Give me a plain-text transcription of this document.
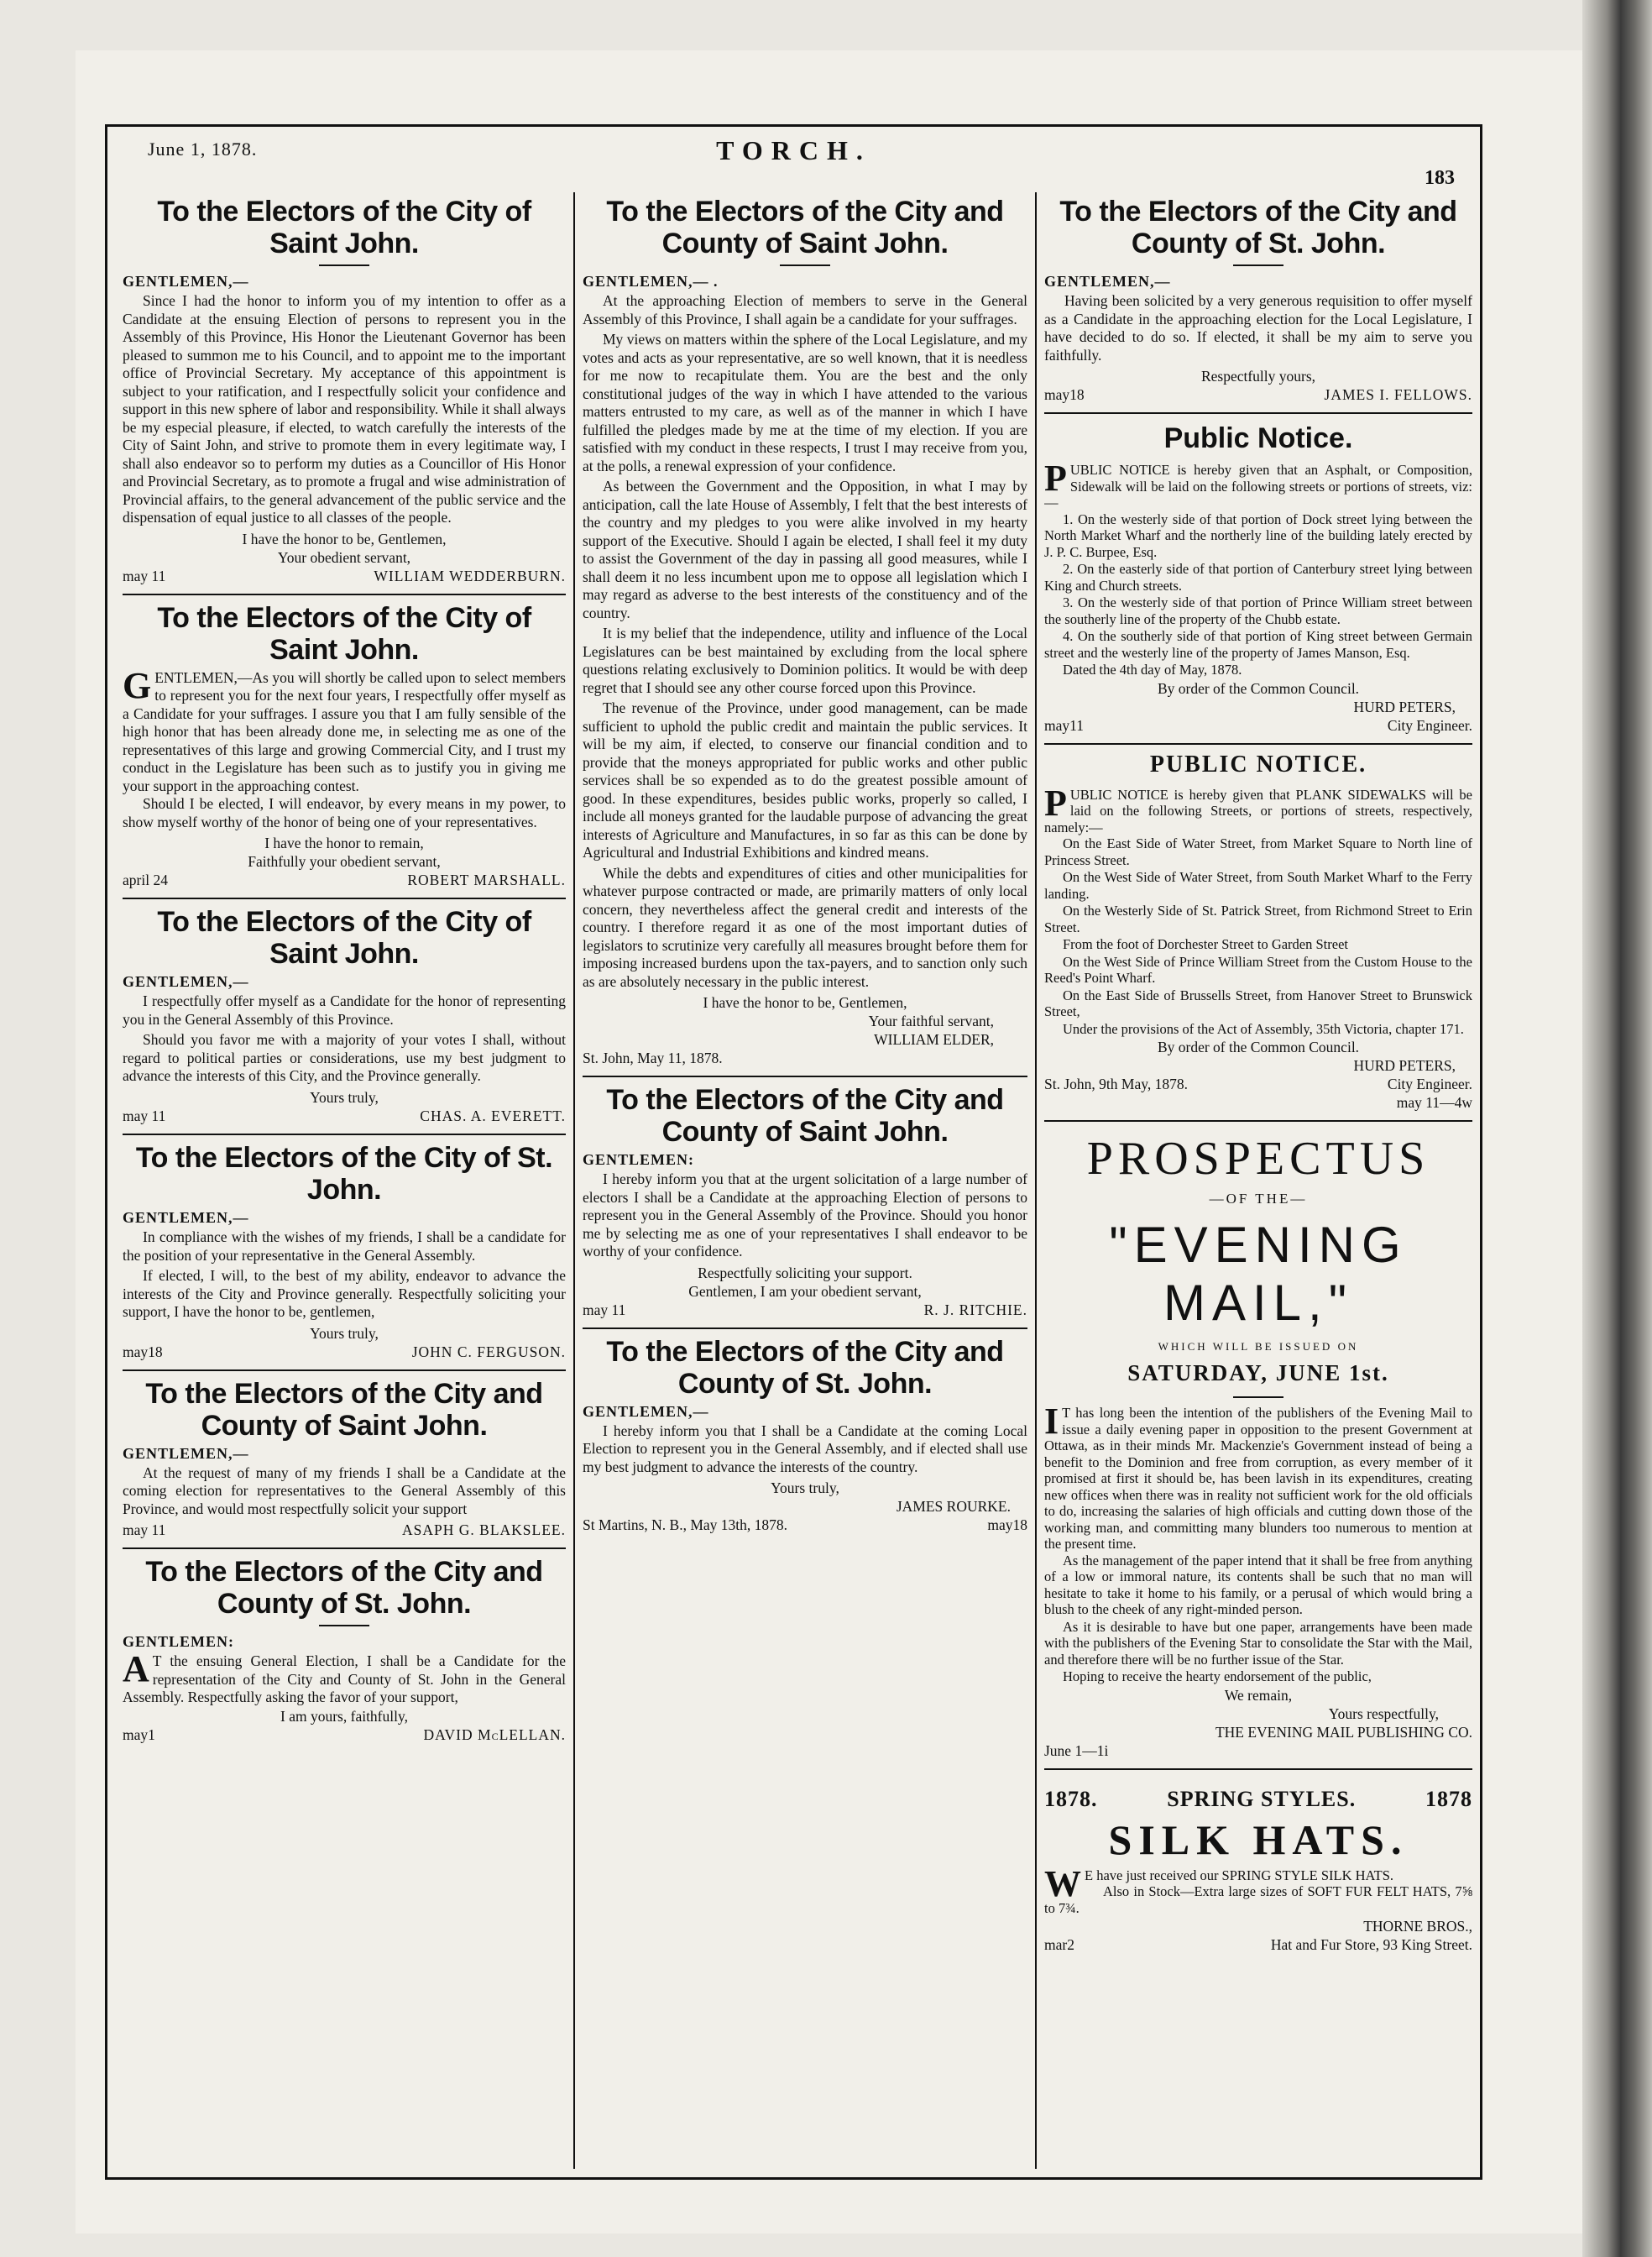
June 1, 1878.	TORCH.
183
To the Electors of the City of Saint John.
GENTLEMEN,—

Since I had the honor to inform you of my intention to offer as a Candidate at the ensuing Election of persons to represent you in the Assembly of this Province, His Honor the Lieutenant Governor has been pleased to summon me to his Council, and to appoint me to the important office of Provincial Secretary. My acceptance of this appointment is subject to your ratification, and I respectfully solicit your confidence and support in this new sphere of labor and responsibility. While it shall always be my especial pleasure, if elected, to watch carefully the interests of the City of Saint John, and strive to promote them in every legitimate way, I shall also endeavor so to perform my duties as a Councillor of His Honor and Provincial Secretary, as to promote a frugal and wise administration of Provincial affairs, to the general advancement of the public service and the dispensation of equal justice to all classes of the people.

I have the honor to be, Gentlemen,
Your obedient servant,
may 11	WILLIAM WEDDERBURN.
To the Electors of the City of Saint John.
G ENTLEMEN,—As you will shortly be called upon to select members to represent you for the next four years, I respectfully offer myself as a Candidate for your suffrages. I assure you that I am fully sensible of the high honor that has been already done me, in selecting me as one of the representatives of this large and growing Commercial City, and I trust my conduct in the Legislature has been such as to justify you in giving me your support in the approaching contest.

Should I be elected, I will endeavor, by every means in my power, to show myself worthy of the honor of being one of your representatives.

I have the honor to remain,
Faithfully your obedient servant,
april 24	ROBERT MARSHALL.
To the Electors of the City of Saint John.
GENTLEMEN,—

I respectfully offer myself as a Candidate for the honor of representing you in the General Assembly of this Province.

Should you favor me with a majority of your votes I shall, without regard to political parties or considerations, use my best judgment to advance the interests of this City, and the Province generally.

Yours truly,
may 11	CHAS. A. EVERETT.
To the Electors of the City of St. John.
GENTLEMEN,—

In compliance with the wishes of my friends, I shall be a candidate for the position of your representative in the General Assembly.

If elected, I will, to the best of my ability, endeavor to advance the interests of the City and Province generally. Respectfully soliciting your support, I have the honor to be, gentlemen,

Yours truly,
may18	JOHN C. FERGUSON.
To the Electors of the City and County of Saint John.
GENTLEMEN,—

At the request of many of my friends I shall be a Candidate at the coming election for representatives to the General Assembly of this Province, and would most respectfully solicit your support

may 11	ASAPH G. BLAKSLEE.
To the Electors of the City and County of St. John.
GENTLEMEN:
A T the ensuing General Election, I shall be a Candidate for the representation of the City and County of St. John in the General Assembly. Respectfully asking the favor of your support,
I am yours, faithfully,
may1	DAVID McLELLAN.
To the Electors of the City and County of Saint John.
GENTLEMEN,— .

At the approaching Election of members to serve in the General Assembly of this Province, I shall again be a candidate for your suffrages.

My views on matters within the sphere of the Local Legislature, and my votes and acts as your representative, are so well known, that it is needless for me now to recapitulate them. You are the best and the only constitutional judges of the way in which I have attended to the various matters entrusted to my care, as well as of the manner in which I have fulfilled the pledges made by me at the time of my election. If you are satisfied with my conduct in these respects, I trust I may receive from you, at the polls, a renewal expression of your confidence.

As between the Government and the Opposition, in what I may by anticipation, call the late House of Assembly, I felt that the best interests of the country and my pledges to you were alike involved in my hearty support of the Executive. Should I again be elected, I shall feel it my duty to assist the Government of the day in passing all good measures, while I shall deem it no less incumbent upon me to oppose all legislation which I may regard as adverse to the best interests of the constituency and of the country.

It is my belief that the independence, utility and influence of the Local Legislatures can be best maintained by excluding from the local sphere questions relating exclusively to Dominion politics. It would be with deep regret that I should see any other course forced upon this Province.

The revenue of the Province, under good management, can be made sufficient to uphold the public credit and maintain the public services. It will be my aim, if elected, to conserve our financial condition and to provide that the moneys appropriated for public works and other public services shall be so expended as to do the greatest possible amount of good. In these expenditures, besides public works, properly so called, I include all moneys granted for the laudable purpose of advancing the great interests of Agriculture and Manufactures, in so far as this can be done by Agricultural and Industrial Exhibitions and kindred means.

While the debts and expenditures of cities and other municipalities for whatever purpose contracted or made, are primarily matters of only local concern, they nevertheless affect the general credit and interests of the country. I therefore regard it as one of the most important duties of legislators to scrutinize very carefully all measures brought before them for imposing increased burdens upon the tax-payers, and to sanction only such as are absolutely necessary in the public interest.

I have the honor to be, Gentlemen,
Your faithful servant,
WILLIAM ELDER,
St. John, May 11, 1878.
To the Electors of the City and County of Saint John.
GENTLEMEN:

I hereby inform you that at the urgent solicitation of a large number of electors I shall be a Candidate at the approaching Election of persons to represent you in the General Assembly of the Province. Should you honor me by selecting me as one of your representatives I shall endeavor to be worthy of your confidence.

Respectfully soliciting your support.
Gentlemen, I am your obedient servant,
may 11	R. J. RITCHIE.
To the Electors of the City and County of St. John.
GENTLEMEN,—

I hereby inform you that I shall be a Candidate at the coming Local Election to represent you in the General Assembly, and if elected shall use my best judgment to advance the interests of the country.

Yours truly,
JAMES ROURKE.
St Martins, N. B., May 13th, 1878.	may18
To the Electors of the City and County of St. John.
GENTLEMEN,—

Having been solicited by a very generous requisition to offer myself as a Candidate in the approaching election for the Local Legislature, I have decided to do so. If elected, it shall be my aim to serve you faithfully.

Respectfully yours,
may18	JAMES I. FELLOWS.
Public Notice.
P UBLIC NOTICE is hereby given that an Asphalt, or Composition, Sidewalk will be laid on the following streets or portions of streets, viz:—

1. On the westerly side of that portion of Dock street lying between the North Market Wharf and the northerly line of the building lately erected by J. P. C. Burpee, Esq.

2. On the easterly side of that portion of Canterbury street lying between King and Church streets.

3. On the westerly side of that portion of Prince William street between the southerly line of the property of the Chubb estate.

4. On the southerly side of that portion of King street between Germain street and the westerly line of the property of James Manson, Esq.

Dated the 4th day of May, 1878.

By order of the Common Council.
HURD PETERS,
may11	City Engineer.
PUBLIC NOTICE.
P UBLIC NOTICE is hereby given that PLANK SIDEWALKS will be laid on the following Streets, or portions of streets, respectively, namely:—

On the East Side of Water Street, from Market Square to North line of Princess Street.

On the West Side of Water Street, from South Market Wharf to the Ferry landing.

On the Westerly Side of St. Patrick Street, from Richmond Street to Erin Street.

From the foot of Dorchester Street to Garden Street

On the West Side of Prince William Street from the Custom House to the Reed's Point Wharf.

On the East Side of Brussells Street, from Hanover Street to Brunswick Street,

Under the provisions of the Act of Assembly, 35th Victoria, chapter 171.

By order of the Common Council.
HURD PETERS,
St. John, 9th May, 1878.	City Engineer.
may 11—4w
PROSPECTUS
—OF THE—
"EVENING MAIL,"
WHICH WILL BE ISSUED ON
SATURDAY, JUNE 1st.
I T has long been the intention of the publishers of the Evening Mail to issue a daily evening paper in opposition to the present Government at Ottawa, as in their minds Mr. Mackenzie's Government instead of being a benefit to the Dominion and free from corruption, as every member of it promised at first it should be, has been lavish in its expenditures, creating new offices when there was in reality not sufficient work for the old officials to do, increasing the salaries of high officials and cutting down those of the working man, and committing many blunders too numerous to mention at the present time.

As the management of the paper intend that it shall be free from anything of a low or immoral nature, its contents shall be such that no man will hesitate to take it home to his family, or a perusal of which would bring a blush to the cheek of any right-minded person.

As it is desirable to have but one paper, arrangements have been made with the publishers of the Evening Star to consolidate the Star with the Mail, and therefore there will be no further issue of the Star.

Hoping to receive the hearty endorsement of the public,

We remain,
Yours respectfully,
THE EVENING MAIL PUBLISHING CO.
June 1—1i
1878.	SPRING STYLES.	1878
SILK HATS.
W E have just received our SPRING STYLE SILK HATS.

Also in Stock—Extra large sizes of SOFT FUR FELT HATS, 7⅝ to 7¾.

THORNE BROS.,
mar2	Hat and Fur Store, 93 King Street.
